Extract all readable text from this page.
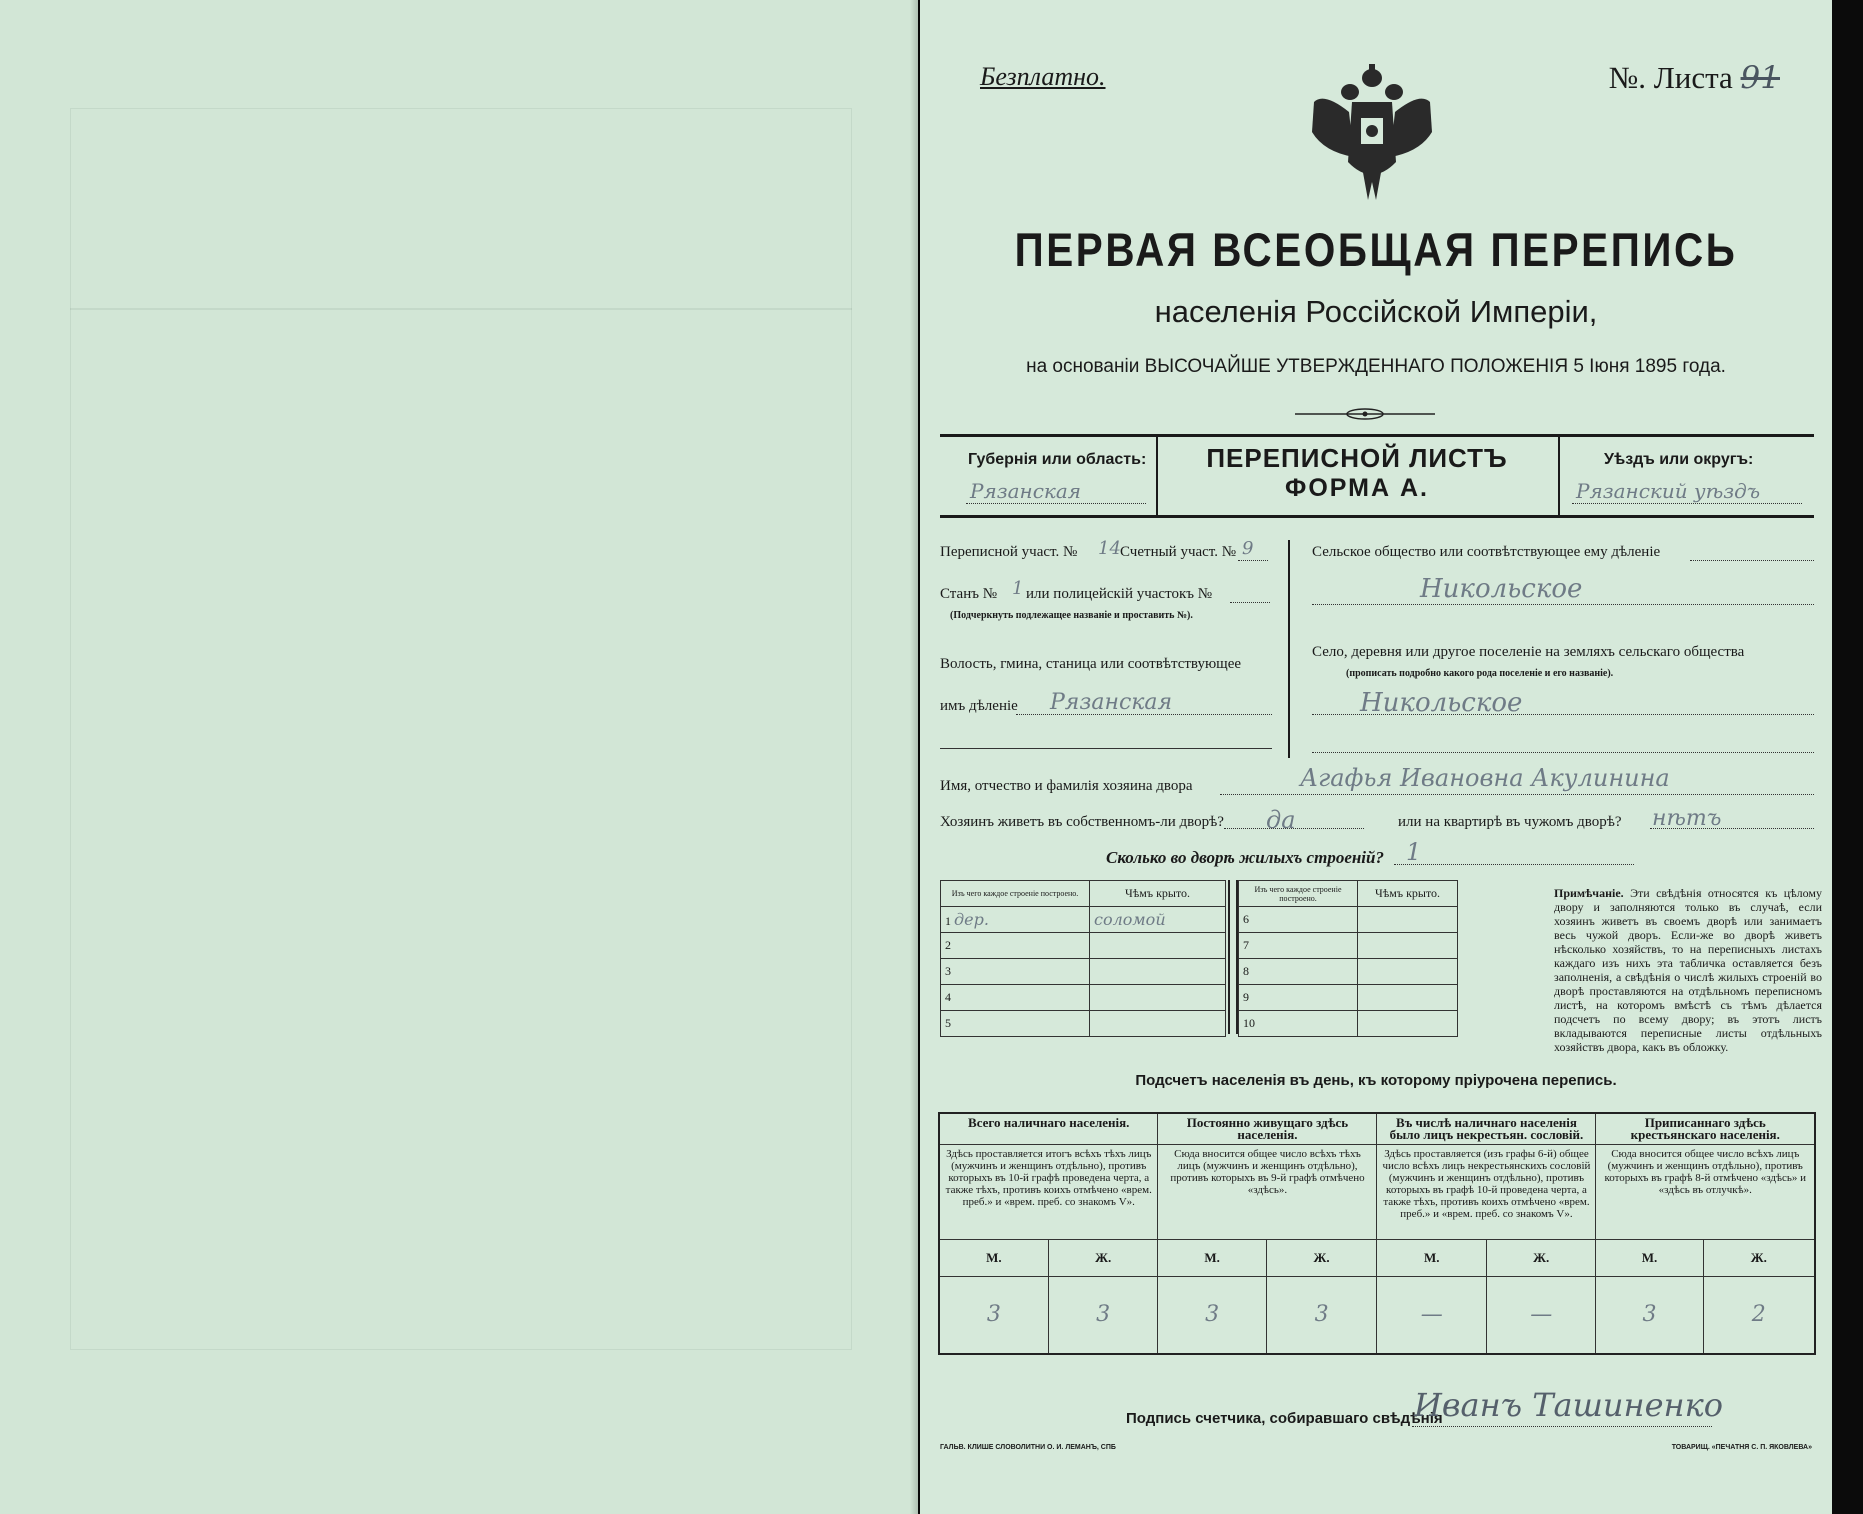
Безплатно.	№. Листа 91
ПЕРВАЯ ВСЕОБЩАЯ ПЕРЕПИСЬ
населенія Россійской Имперіи,
на основаніи ВЫСОЧАЙШЕ УТВЕРЖДЕННАГО ПОЛОЖЕНІЯ 5 Іюня 1895 года.
Губернія или область:
Рязанская
ПЕРЕПИСНОЙ ЛИСТЪ
ФОРМА А.
Уѣздъ или округъ:
Рязанский уѣздъ
Переписной участ. № 14 Счетный участ. № 9
Станъ № 1 или полицейскій участокъ №
(Подчеркнуть подлежащее названіе и проставить №).
Волость, гмина, станица или соотвѣтствующее
имъ дѣленіе Рязанская
Сельское общество или соотвѣтствующее ему дѣленіе
Никольское
Село, деревня или другое поселеніе на земляхъ сельскаго общества
(прописать подробно какого рода поселеніе и его названіе).
Никольское
Имя, отчество и фамилія хозяина двора	Агафья Ивановна Акулинина
Хозяинъ живетъ въ собственномъ-ли дворѣ? да	или на квартирѣ въ чужомъ дворѣ? нѣтъ
Сколько во дворѣ жилыхъ строеній? 1
Изъ чего каждое строеніе построено.	Чѣмъ крыто.
1 дер.	соломой
2	
3	
4	
5	
Изъ чего каждое строеніе построено.	Чѣмъ крыто.
6	
7	
8	
9	
10	
Примѣчаніе. Эти свѣдѣнія относятся къ цѣлому двору и заполняются только въ случаѣ, если хозяинъ живетъ въ своемъ дворѣ или занимаетъ весь чужой дворъ. Если-же во дворѣ живетъ нѣсколько хозяйствъ, то на переписныхъ листахъ каждаго изъ нихъ эта табличка оставляется безъ заполненія, а свѣдѣнія о числѣ жилыхъ строеній во дворѣ проставляются на отдѣльномъ переписномъ листѣ, на которомъ вмѣстѣ съ тѣмъ дѣлается подсчетъ по всему двору; въ этотъ листъ вкладываются переписные листы отдѣльныхъ хозяйствъ двора, какъ въ обложку.
Подсчетъ населенія въ день, къ которому пріурочена перепись.
Всего наличнаго населенія.		Постоянно живущаго здѣсь населенія.		Въ числѣ наличнаго населенія было лицъ некрестьян. сословій.		Приписаннаго здѣсь крестьянскаго населенія.	
Здѣсь проставляется итогъ всѣхъ тѣхъ лицъ (мужчинъ и женщинъ отдѣльно), противъ которыхъ въ 10-й графѣ проведена черта, а также тѣхъ, противъ коихъ отмѣчено «врем. преб.» и «врем. преб. со знакомъ V».		Сюда вносится общее число всѣхъ тѣхъ лицъ (мужчинъ и женщинъ отдѣльно), противъ которыхъ въ 9-й графѣ отмѣчено «здѣсь».		Здѣсь проставляется (изъ графы 6-й) общее число всѣхъ лицъ некрестьянскихъ сословій (мужчинъ и женщинъ отдѣльно), противъ которыхъ въ графѣ 10-й проведена черта, а также тѣхъ, противъ коихъ отмѣчено «врем. преб.» и «врем. преб. со знакомъ V».		Сюда вносится общее число всѣхъ лицъ (мужчинъ и женщинъ отдѣльно), противъ которыхъ въ графѣ 8-й отмѣчено «здѣсь» и «здѣсь въ отлучкѣ».	
М.	Ж.	М.	Ж.	М.	Ж.	М.	Ж.
3	3	3	3	—	—	3	2
Подпись счетчика, собиравшаго свѣдѣнія
Иванъ Ташиненко
ГАЛЬВ. КЛИШЕ СЛОВОЛИТНИ О. И. ЛЕМАНЪ, СПБ	ТОВАРИЩ. «ПЕЧАТНЯ С. П. ЯКОВЛЕВА»
